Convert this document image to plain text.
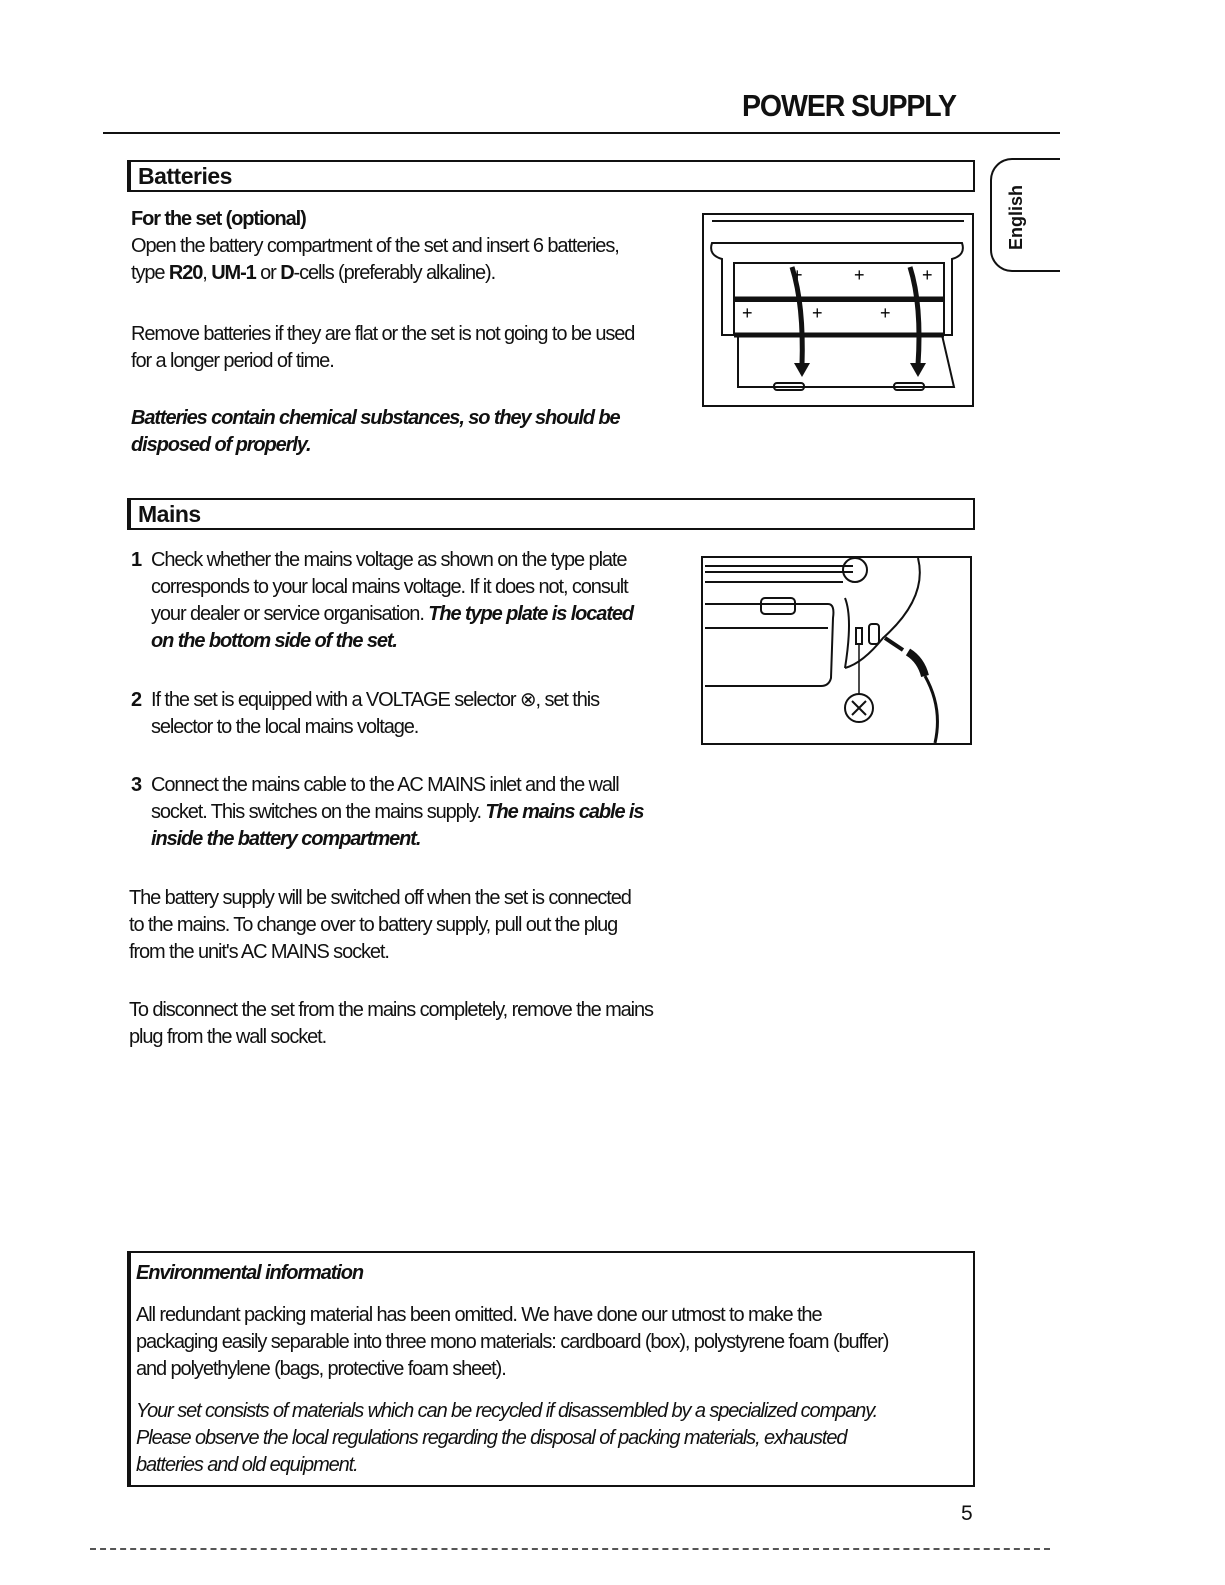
POWER SUPPLY
English
Batteries
For the set (optional)
Open the battery compartment of the set and insert 6 batteries,
type R20, UM-1 or D-cells (preferably alkaline).
Remove batteries if they are flat or the set is not going to be used
for a longer period of time.
Batteries contain chemical substances, so they should be
disposed of properly.
+	+	+
+	+	+
Mains
1 Check whether the mains voltage as shown on the type plate
corresponds to your local mains voltage. If it does not, consult
your dealer or service organisation. The type plate is located
on the bottom side of the set.
2 If the set is equipped with a VOLTAGE selector ⊗, set this
selector to the local mains voltage.
3 Connect the mains cable to the AC MAINS inlet and the wall
socket. This switches on the mains supply. The mains cable is
inside the battery compartment.
The battery supply will be switched off when the set is connected
to the mains. To change over to battery supply, pull out the plug
from the unit's AC MAINS socket.
To disconnect the set from the mains completely, remove the mains
plug from the wall socket.
Environmental information
All redundant packing material has been omitted. We have done our utmost to make the
packaging easily separable into three mono materials: cardboard (box), polystyrene foam (buffer)
and polyethylene (bags, protective foam sheet).
Your set consists of materials which can be recycled if disassembled by a specialized company.
Please observe the local regulations regarding the disposal of packing materials, exhausted
batteries and old equipment.
5
